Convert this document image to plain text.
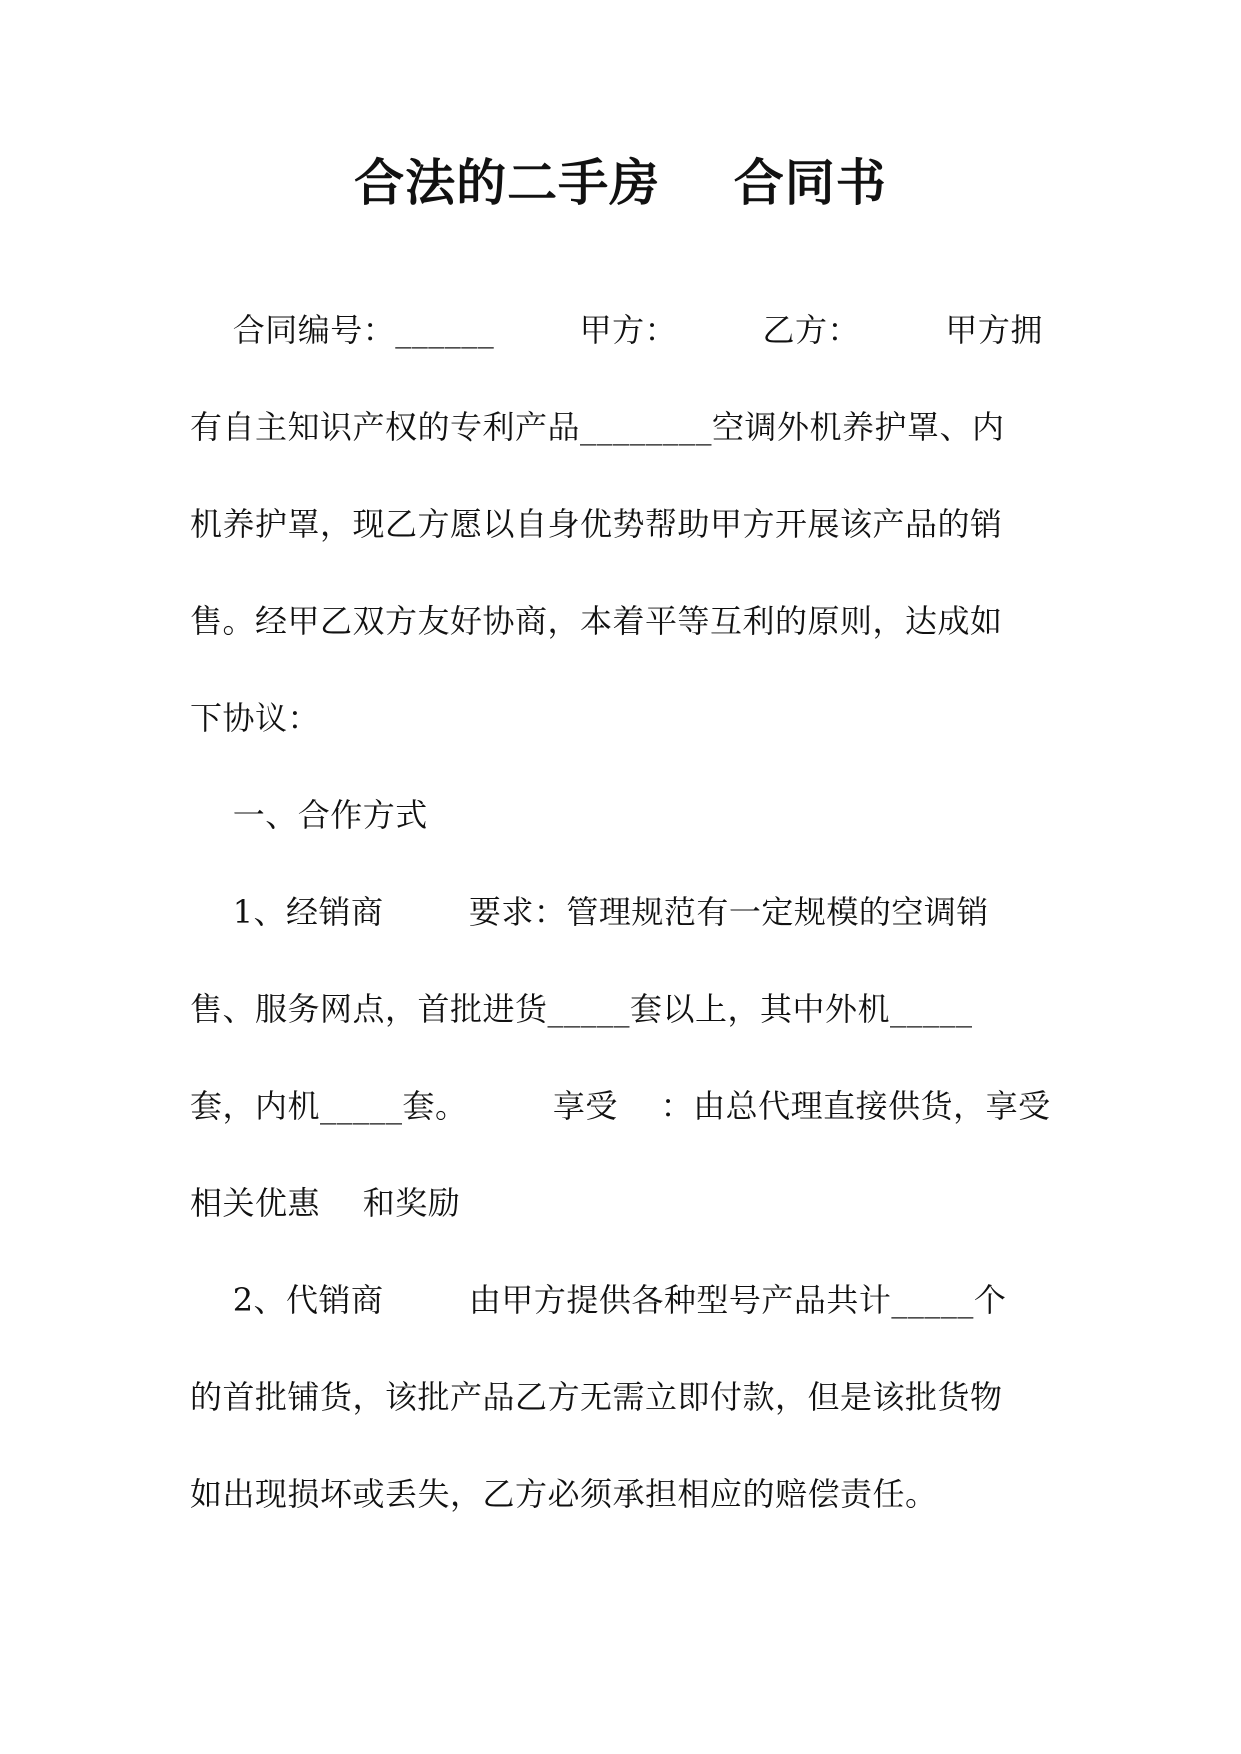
合法的二手房    合同书
合同编号：______        甲方：        乙方：        甲方拥
有自主知识产权的专利产品________空调外机养护罩、内
机养护罩，现乙方愿以自身优势帮助甲方开展该产品的销
售。经甲乙双方友好协商，本着平等互利的原则，达成如
下协议：
一、合作方式
1、经销商        要求：管理规范有一定规模的空调销
售、服务网点，首批进货_____套以上，其中外机_____
套，内机_____套。        享受    ：由总代理直接供货，享受
相关优惠    和奖励
2、代销商        由甲方提供各种型号产品共计_____个
的首批铺货，该批产品乙方无需立即付款，但是该批货物
如出现损坏或丢失，乙方必须承担相应的赔偿责任。
